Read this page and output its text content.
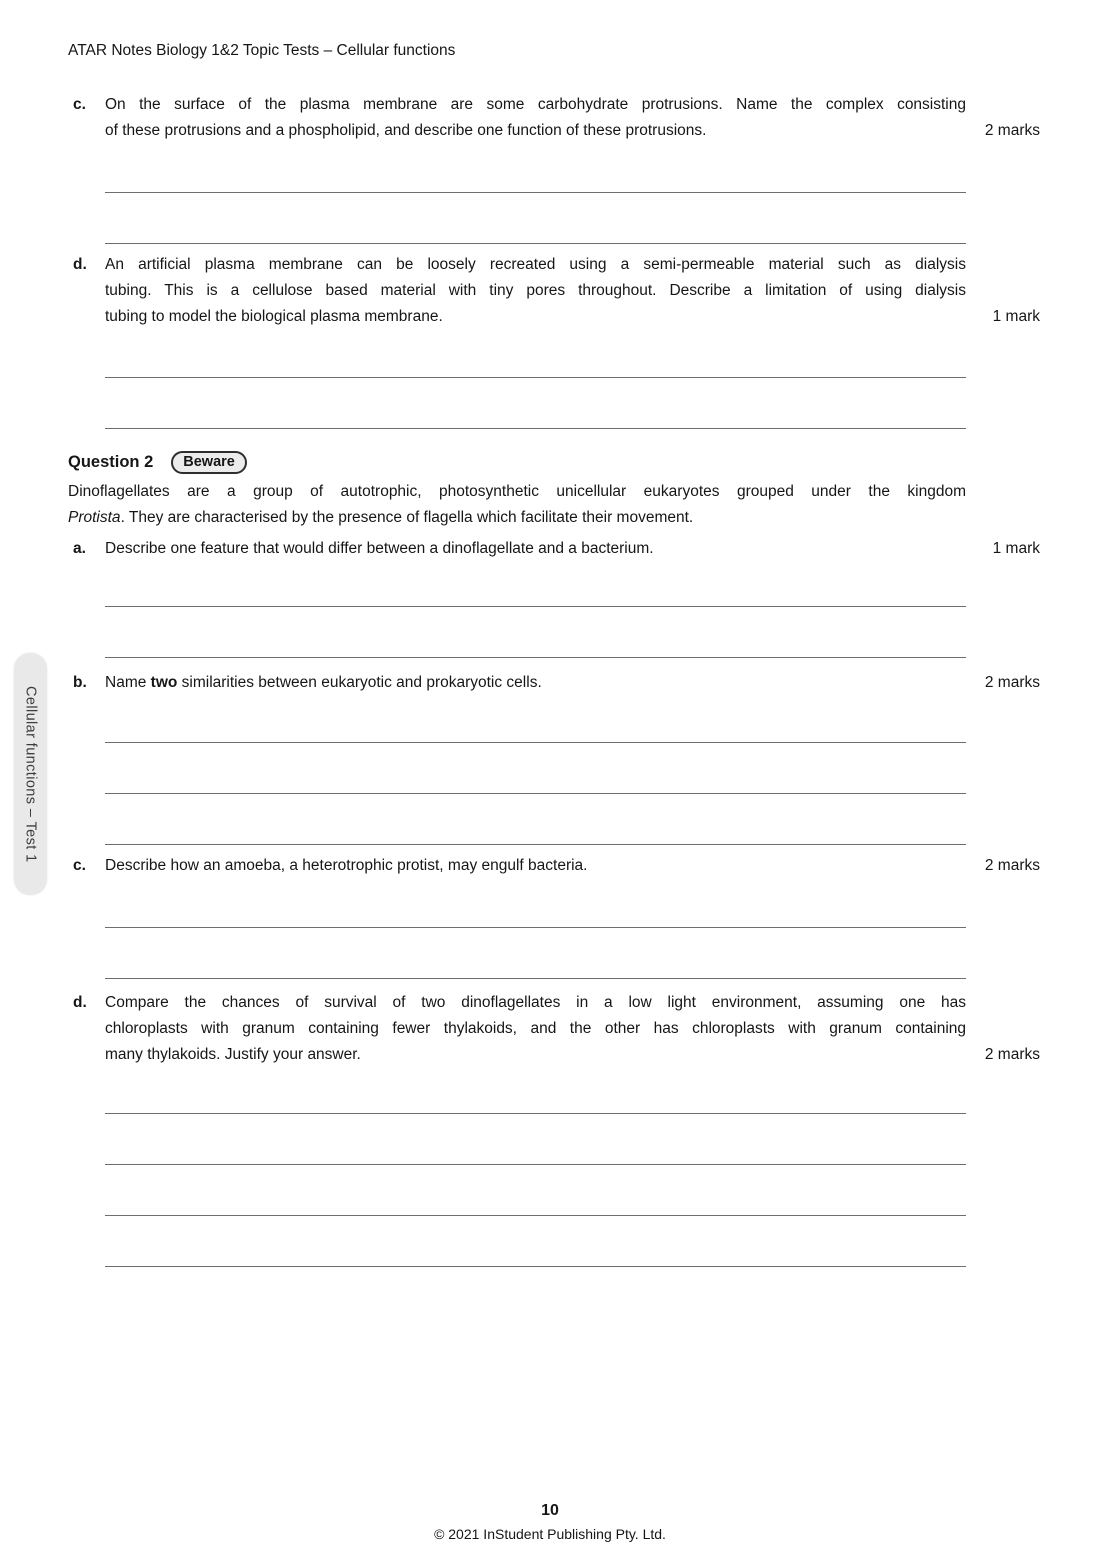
ATAR Notes Biology 1&2 Topic Tests – Cellular functions
c.	On the surface of the plasma membrane are some carbohydrate protrusions. Name the complex consisting
of these protrusions and a phospholipid, and describe one function of these protrusions.	2 marks
d.	An artificial plasma membrane can be loosely recreated using a semi-permeable material such as dialysis
tubing. This is a cellulose based material with tiny pores throughout. Describe a limitation of using dialysis
tubing to model the biological plasma membrane.	1 mark
Question 2	Beware
Dinoflagellates are a group of autotrophic, photosynthetic unicellular eukaryotes grouped under the kingdom
Protista. They are characterised by the presence of flagella which facilitate their movement.
a.	Describe one feature that would differ between a dinoflagellate and a bacterium.	1 mark
b.	Name two similarities between eukaryotic and prokaryotic cells.	2 marks
c.	Describe how an amoeba, a heterotrophic protist, may engulf bacteria.	2 marks
d.	Compare the chances of survival of two dinoflagellates in a low light environment, assuming one has
chloroplasts with granum containing fewer thylakoids, and the other has chloroplasts with granum containing
many thylakoids. Justify your answer.	2 marks
Cellular functions – Test 1
10
© 2021 InStudent Publishing Pty. Ltd.
